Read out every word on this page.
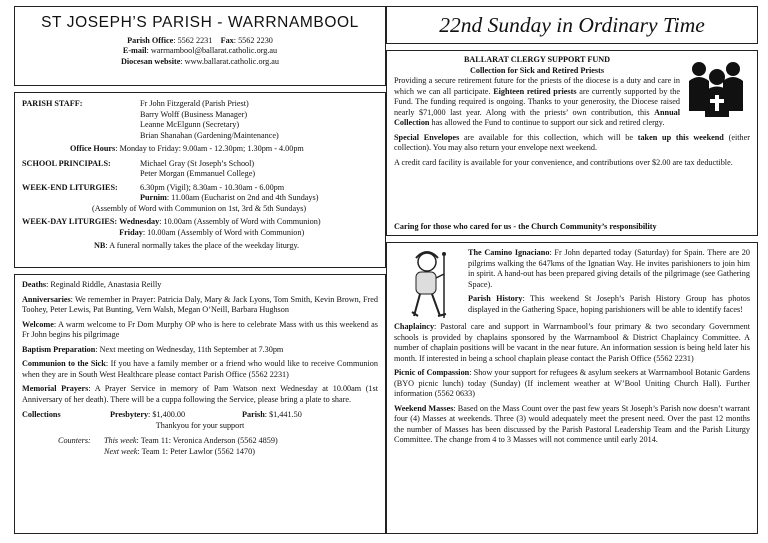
ST JOSEPH’S PARISH - WARRNAMBOOL
Parish Office: 5562 2231 Fax: 5562 2230
E-mail: warrnambool@ballarat.catholic.org.au
Diocesan website: www.ballarat.catholic.org.au
PARISH STAFF:	Fr John Fitzgerald (Parish Priest)
Barry Wolff (Business Manager)
Leanne McElgunn (Secretary)
Brian Shanahan (Gardening/Maintenance)
Office Hours: Monday to Friday: 9.00am - 12.30pm; 1.30pm - 4.00pm
SCHOOL PRINCIPALS:	Michael Gray (St Joseph’s School)
Peter Morgan (Emmanuel College)
WEEK-END LITURGIES:	6.30pm (Vigil); 8.30am - 10.30am - 6.00pm
Purnim: 11.00am (Eucharist on 2nd and 4th Sundays)
(Assembly of Word with Communion on 1st, 3rd & 5th Sundays)
WEEK-DAY LITURGIES: Wednesday: 10.00am (Assembly of Word with Communion)
Friday: 10.00am (Assembly of Word with Communion)
NB: A funeral normally takes the place of the weekday liturgy.
Deaths: Reginald Riddle, Anastasia Reilly
Anniversaries: We remember in Prayer: Patricia Daly, Mary & Jack Lyons, Tom Smith, Kevin Brown, Fred Toohey, Peter Lewis, Pat Bunting, Vern Walsh, Megan O’Neill, Barbara Hughson
Welcome: A warm welcome to Fr Dom Murphy OP who is here to celebrate Mass with us this weekend as Fr John begins his pilgrimage
Baptism Preparation: Next meeting on Wednesday, 11th September at 7.30pm
Communion to the Sick: If you have a family member or a friend who would like to receive Communion when they are in South West Healthcare please contact Parish Office (5562 2231)
Memorial Prayers: A Prayer Service in memory of Pam Watson next Wednesday at 10.00am (1st Anniversary of her death). There will be a cuppa following the Service, please bring a plate to share.
Collections	Presbytery: $1,400.00	Parish: $1,441.50
Thankyou for your support
Counters:	This week: Team 11: Veronica Anderson (5562 4859)
Next week: Team 1: Peter Lawlor (5562 1470)
22nd Sunday in Ordinary Time
BALLARAT CLERGY SUPPORT FUND
Collection for Sick and Retired Priests
Providing a secure retirement future for the priests of the diocese is a duty and care in which we can all participate. Eighteen retired priests are currently supported by the Fund. The funding required is ongoing. Thanks to your generosity, the Diocese raised nearly $71,000 last year. Along with the priests’ own contribution, this Annual Collection has allowed the Fund to continue to support our sick and retired clergy.
Special Envelopes are available for this collection, which will be taken up this weekend (either collection). You may also return your envelope next weekend.
A credit card facility is available for your convenience, and contributions over $2.00 are tax deductible.
Caring for those who cared for us - the Church Community’s responsibility
The Camino Ignaciano: Fr John departed today (Saturday) for Spain. There are 20 pilgrims walking the 647kms of the Ignatian Way. He invites parishioners to join him in spirit. A hand-out has been prepared giving details of the pilgrimage (see Gathering Space).
Parish History: This weekend St Joseph’s Parish History Group has photos displayed in the Gathering Space, hoping parishioners will be able to identify faces!
Chaplaincy: Pastoral care and support in Warrnambool’s four primary & two secondary Government schools is provided by chaplains sponsored by the Warrnambool & District Chaplaincy Committee. A number of chaplain positions will be vacant in the near future. An information session is being held later his month. If interested in being a school chaplain please contact the Parish Office (5562 2231)
Picnic of Compassion: Show your support for refugees & asylum seekers at Warrnambool Botanic Gardens (BYO picnic lunch) today (Sunday) (If inclement weather at W’Bool Uniting Church Hall). Further information (5562 0633)
Weekend Masses: Based on the Mass Count over the past few years St Joseph’s Parish now doesn’t warrant four (4) Masses at weekends. Three (3) would adequately meet the present need. Over the past 12 months the number of Masses has been discussed by the Parish Pastoral Leadership Team and the Parish Liturgy Committee. The change from 4 to 3 Masses will not commence until early 2014.
